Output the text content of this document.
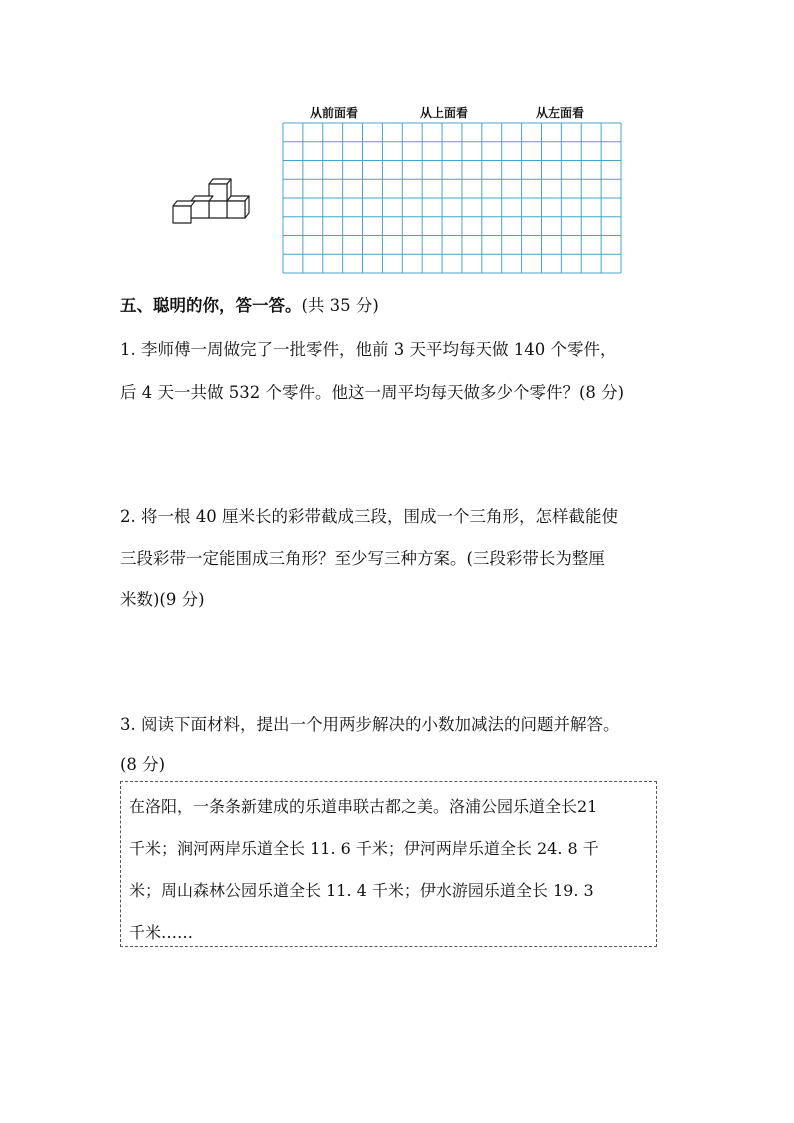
从前面看	从上面看	从左面看
五、聪明的你，答一答。(共 35 分)
1. 李师傅一周做完了一批零件，他前 3 天平均每天做 140 个零件，
后 4 天一共做 532 个零件。他这一周平均每天做多少个零件？(8 分)
2. 将一根 40 厘米长的彩带截成三段，围成一个三角形，怎样截能使
三段彩带一定能围成三角形？至少写三种方案。(三段彩带长为整厘
米数)(9 分)
3. 阅读下面材料，提出一个用两步解决的小数加减法的问题并解答。
(8 分)
在洛阳，一条条新建成的乐道串联古都之美。洛浦公园乐道全长21
千米；涧河两岸乐道全长 11. 6 千米；伊河两岸乐道全长 24. 8 千
米；周山森林公园乐道全长 11. 4 千米；伊水游园乐道全长 19. 3
千米……
